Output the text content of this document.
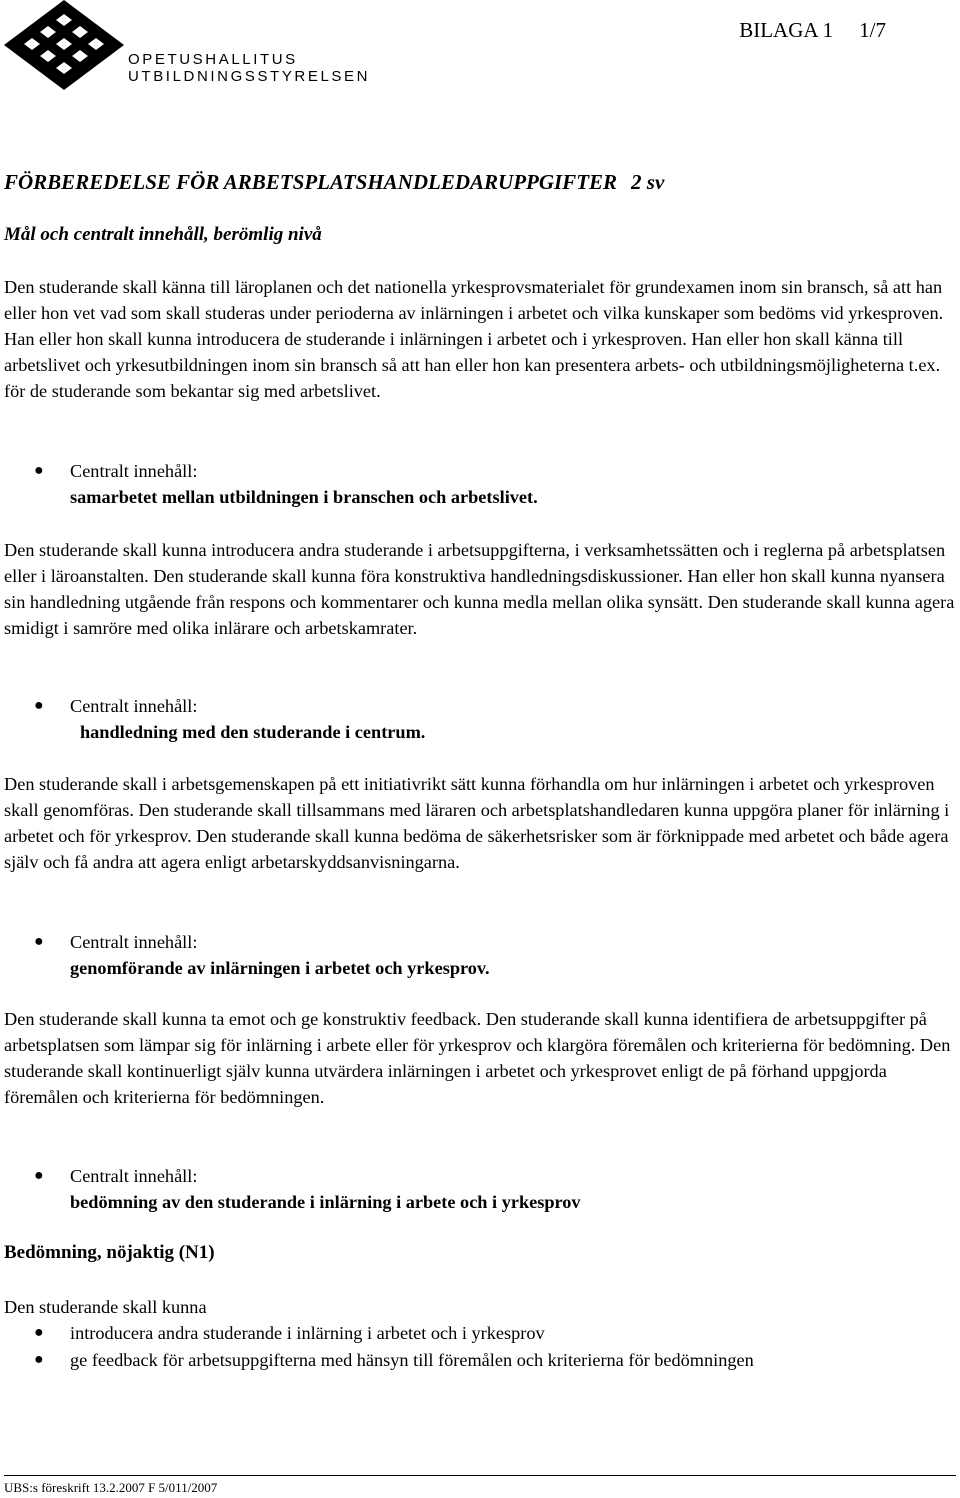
OPETUSHALLITUS
UTBILDNINGSSTYRELSEN
BILAGA 1 1/7
FÖRBEREDELSE FÖR ARBETSPLATSHANDLEDARUPPGIFTER 2 sv
Mål och centralt innehåll, berömlig nivå

Den studerande skall känna till läroplanen och det nationella yrkesprovsmaterialet för grundexamen inom sin bransch, så att han eller hon vet vad som skall studeras under perioderna av inlärningen i arbetet och vilka kunskaper som bedöms vid yrkesproven. Han eller hon skall kunna introducera de studerande i inlärningen i arbetet och i yrkesproven. Han eller hon skall känna till arbetslivet och yrkesutbildningen inom sin bransch så att han eller hon kan presentera arbets- och utbildningsmöjligheterna t.ex. för de studerande som bekantar sig med arbetslivet.

● Centralt innehåll:
samarbetet mellan utbildningen i branschen och arbetslivet.

Den studerande skall kunna introducera andra studerande i arbetsuppgifterna, i verksamhetssätten och i reglerna på arbetsplatsen eller i läroanstalten. Den studerande skall kunna föra konstruktiva handledningsdiskussioner. Han eller hon skall kunna nyansera sin handledning utgående från respons och kommentarer och kunna medla mellan olika synsätt. Den studerande skall kunna agera smidigt i samröre med olika inlärare och arbetskamrater.

● Centralt innehåll:
handledning med den studerande i centrum.

Den studerande skall i arbetsgemenskapen på ett initiativrikt sätt kunna förhandla om hur inlärningen i arbetet och yrkesproven skall genomföras. Den studerande skall tillsammans med läraren och arbetsplatshandledaren kunna uppgöra planer för inlärning i arbetet och för yrkesprov. Den studerande skall kunna bedöma de säkerhetsrisker som är förknippade med arbetet och både agera själv och få andra att agera enligt arbetarskyddsanvisningarna.

● Centralt innehåll:
genomförande av inlärningen i arbetet och yrkesprov.

Den studerande skall kunna ta emot och ge konstruktiv feedback. Den studerande skall kunna identifiera de arbetsuppgifter på arbetsplatsen som lämpar sig för inlärning i arbete eller för yrkesprov och klargöra föremålen och kriterierna för bedömning. Den studerande skall kontinuerligt själv kunna utvärdera inlärningen i arbetet och yrkesprovet enligt de på förhand uppgjorda föremålen och kriterierna för bedömningen.

● Centralt innehåll:
bedömning av den studerande i inlärning i arbete och i yrkesprov
Bedömning, nöjaktig (N1)
Den studerande skall kunna
● introducera andra studerande i inlärning i arbetet och i yrkesprov
● ge feedback för arbetsuppgifterna med hänsyn till föremålen och kriterierna för bedömningen
UBS:s föreskrift 13.2.2007 F 5/011/2007
